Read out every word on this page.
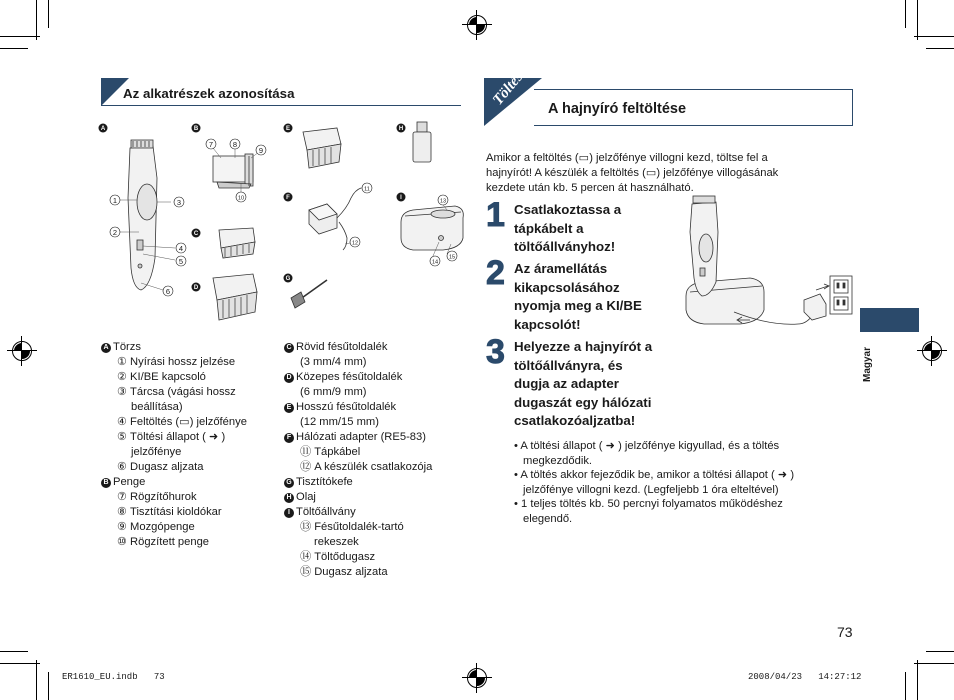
Az alkatrészek azonosítása
A	B
C
D
E
F
G
H
I
1
2
3
4
5
6
7	8
9
10
11
12
13
14
15
A Törzs
① Nyírási hossz jelzése
② KI/BE kapcsoló
③ Tárcsa (vágási hossz
beállítása)
④ Feltöltés (▭) jelzőfénye
⑤ Töltési állapot ( ➜ )
jelzőfénye
⑥ Dugasz aljzata
B Penge
⑦ Rögzítőhurok
⑧ Tisztítási kioldókar
⑨ Mozgópenge
⑩ Rögzített penge
C Rövid fésűtoldalék
(3 mm/4 mm)
D Közepes fésűtoldalék
(6 mm/9 mm)
E Hosszú fésűtoldalék
(12 mm/15 mm)
F Hálózati adapter (RE5-83)
⑪ Tápkábel
⑫ A készülék csatlakozója
G Tisztítókefe
H Olaj
I Töltőállvány
⑬ Fésűtoldalék-tartó
rekeszek
⑭ Töltődugasz
⑮ Dugasz aljzata
Töltés
A hajnyíró feltöltése
Amikor a feltöltés (▭) jelzőfénye villogni kezd, töltse fel a
hajnyírót! A készülék a feltöltés (▭) jelzőfénye villogásának
kezdete után kb. 5 percen át használható.
1 Csatlakoztassa a
tápkábelt a
töltőállványhoz!
2 Az áramellátás
kikapcsolásához
nyomja meg a KI/BE
kapcsolót!
3 Helyezze a hajnyírót a
töltőállványra, és
dugja az adapter
dugaszát egy hálózati
csatlakozóaljzatba!
• A töltési állapot ( ➜ ) jelzőfénye kigyullad, és a töltés
megkezdődik.
• A töltés akkor fejeződik be, amikor a töltési állapot ( ➜ )
jelzőfénye villogni kezd. (Legfeljebb 1 óra elteltével)
• 1 teljes töltés kb. 50 percnyi folyamatos működéshez
elegendő.
Magyar
73
ER1610_EU.indb   73	2008/04/23   14:27:12
